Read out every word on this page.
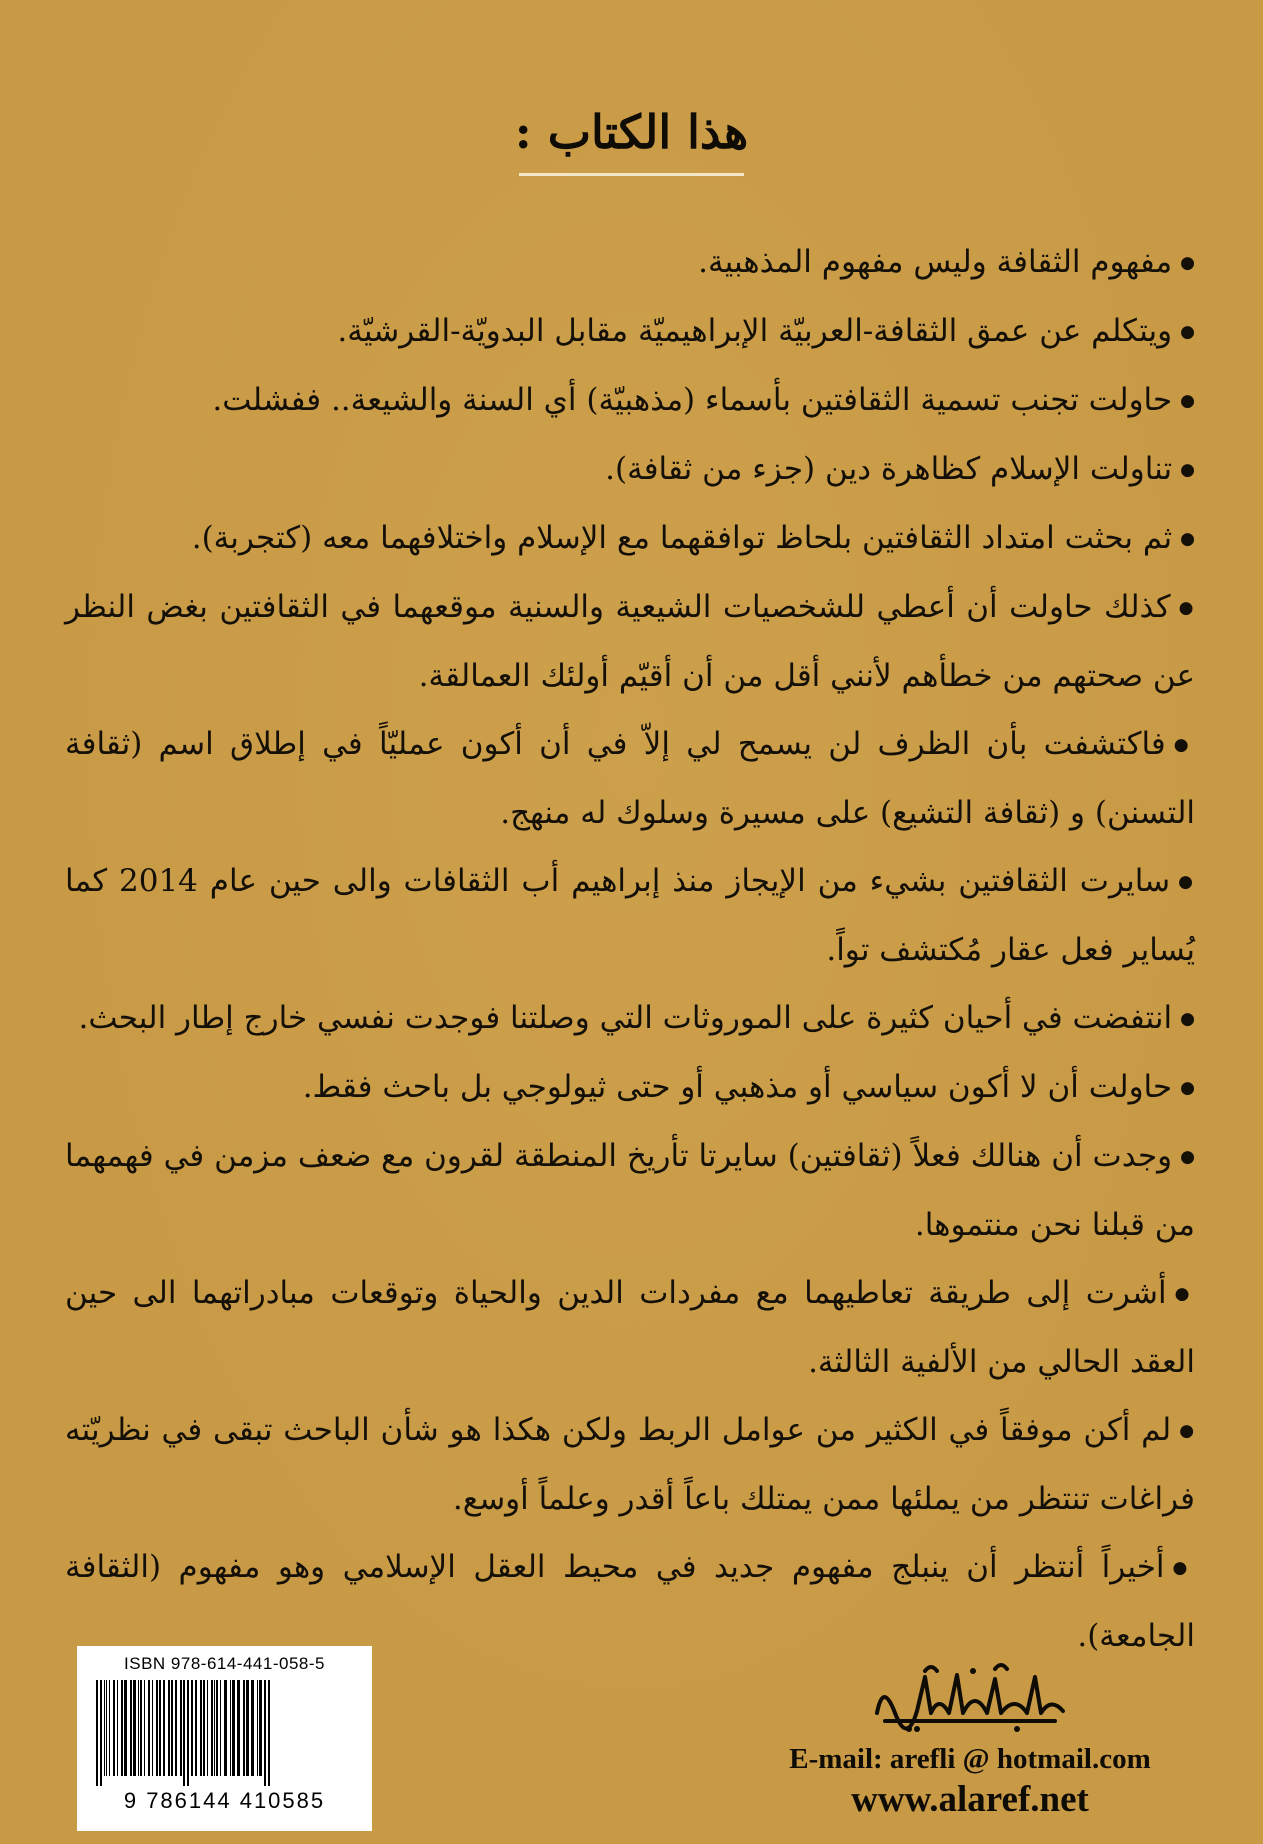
هذا الكتاب :
● مفهوم الثقافة وليس مفهوم المذهبية.
● ويتكلم عن عمق الثقافة-العربيّة الإبراهيميّة مقابل البدويّة-القرشيّة.
● حاولت تجنب تسمية الثقافتين بأسماء (مذهبيّة) أي السنة والشيعة.. ففشلت.
● تناولت الإسلام كظاهرة دين (جزء من ثقافة).
● ثم بحثت امتداد الثقافتين بلحاظ توافقهما مع الإسلام واختلافهما معه (كتجربة).
● كذلك حاولت أن أعطي للشخصيات الشيعية والسنية موقعهما في الثقافتين بغض النظر عن صحتهم من خطأهم لأنني أقل من أن أقيّم أولئك العمالقة.
● فاكتشفت بأن الظرف لن يسمح لي إلاّ في أن أكون عمليّاً في إطلاق اسم (ثقافة التسنن) و (ثقافة التشيع) على مسيرة وسلوك له منهج.
● سايرت الثقافتين بشيء من الإيجاز منذ إبراهيم أب الثقافات والى حين عام 2014 كما يُساير فعل عقار مُكتشف تواً.
● انتفضت في أحيان كثيرة على الموروثات التي وصلتنا فوجدت نفسي خارج إطار البحث.
● حاولت أن لا أكون سياسي أو مذهبي أو حتى ثيولوجي بل باحث فقط.
● وجدت أن هنالك فعلاً (ثقافتين) سايرتا تأريخ المنطقة لقرون مع ضعف مزمن في فهمهما من قبلنا نحن منتموها.
● أشرت إلى طريقة تعاطيهما مع مفردات الدين والحياة وتوقعات مبادراتهما الى حين العقد الحالي من الألفية الثالثة.
● لم أكن موفقاً في الكثير من عوامل الربط ولكن هكذا هو شأن الباحث تبقى في نظريّته فراغات تنتظر من يملئها ممن يمتلك باعاً أقدر وعلماً أوسع.
● أخيراً أنتظر أن ينبلج مفهوم جديد في محيط العقل الإسلامي وهو مفهوم (الثقافة الجامعة).
ISBN 978-614-441-058-5
9 786144 410585
E-mail: arefli @ hotmail.com
www.alaref.net
